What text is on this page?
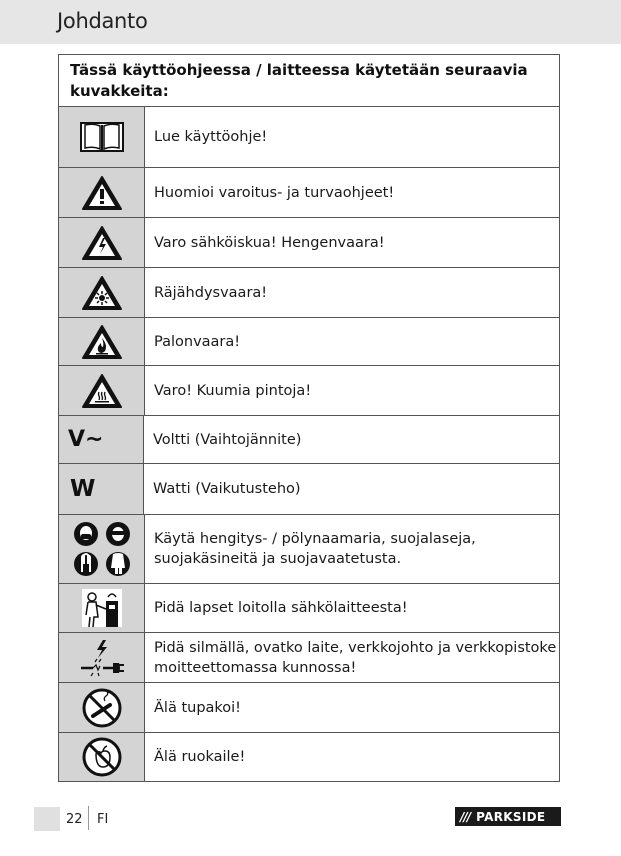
Johdanto
Tässä käyttöohjeessa / laitteessa käytetään seuraavia kuvakkeita:
Lue käyttöohje!
Huomioi varoitus- ja turvaohjeet!
Varo sähköiskua! Hengenvaara!
Räjähdysvaara!
Palonvaara!
Varo! Kuumia pintoja!
V~	Voltti (Vaihtojännite)
W	Watti (Vaikutusteho)
Käytä hengitys- / pölynaamaria, suojalaseja, suojakäsineitä ja suojavaatetusta.
Pidä lapset loitolla sähkölaitteesta!
Pidä silmällä, ovatko laite, verkkojohto ja verkkopistoke moitteettomassa kunnossa!
Älä tupakoi!
Älä ruokaile!
22 FI	/// PARKSIDE
